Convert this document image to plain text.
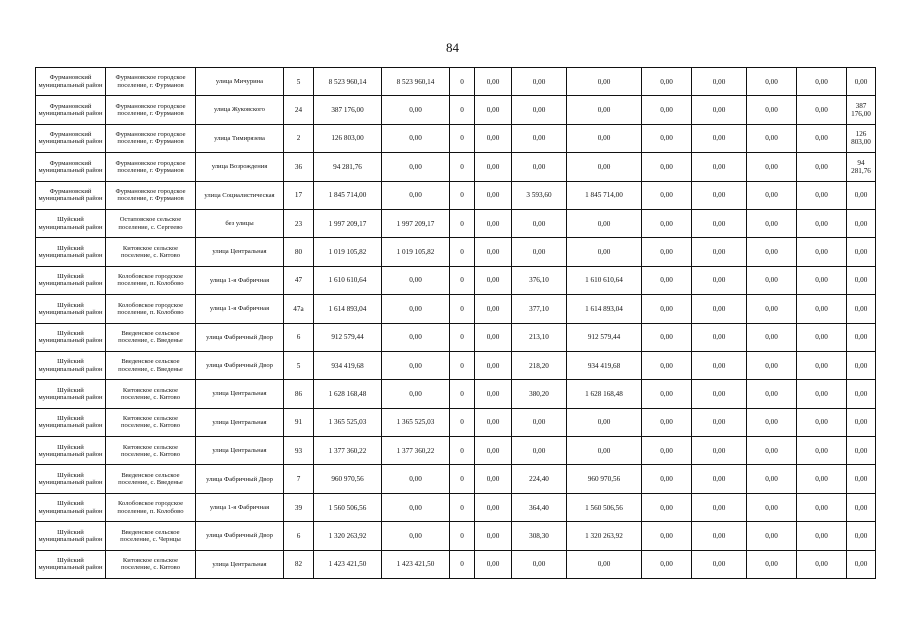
84
Фурмановский муниципальный район	Фурмановское городское поселение, г. Фурманов	улица Мичурина	5	8 523 960,14	8 523 960,14	0	0,00	0,00	0,00	0,00	0,00	0,00	0,00	0,00
Фурмановский муниципальный район	Фурмановское городское поселение, г. Фурманов	улица Жуковского	24	387 176,00	0,00	0	0,00	0,00	0,00	0,00	0,00	0,00	0,00	387 176,00
Фурмановский муниципальный район	Фурмановское городское поселение, г. Фурманов	улица Тимирязева	2	126 803,00	0,00	0	0,00	0,00	0,00	0,00	0,00	0,00	0,00	126 803,00
Фурмановский муниципальный район	Фурмановское городское поселение, г. Фурманов	улица Возрождения	36	94 281,76	0,00	0	0,00	0,00	0,00	0,00	0,00	0,00	0,00	94 281,76
Фурмановский муниципальный район	Фурмановское городское поселение, г. Фурманов	улица Социалистическая	17	1 845 714,00	0,00	0	0,00	3 593,60	1 845 714,00	0,00	0,00	0,00	0,00	0,00
Шуйский муниципальный район	Остаповское сельское поселение, с. Сергеево	без улицы	23	1 997 209,17	1 997 209,17	0	0,00	0,00	0,00	0,00	0,00	0,00	0,00	0,00
Шуйский муниципальный район	Китовское сельское поселение, с. Китово	улица Центральная	80	1 019 105,82	1 019 105,82	0	0,00	0,00	0,00	0,00	0,00	0,00	0,00	0,00
Шуйский муниципальный район	Колобовское городское поселение, п. Колобово	улица 1-я Фабричная	47	1 610 610,64	0,00	0	0,00	376,10	1 610 610,64	0,00	0,00	0,00	0,00	0,00
Шуйский муниципальный район	Колобовское городское поселение, п. Колобово	улица 1-я Фабричная	47а	1 614 893,04	0,00	0	0,00	377,10	1 614 893,04	0,00	0,00	0,00	0,00	0,00
Шуйский муниципальный район	Введенское сельское поселение, с. Введенье	улица Фабричный Двор	6	912 579,44	0,00	0	0,00	213,10	912 579,44	0,00	0,00	0,00	0,00	0,00
Шуйский муниципальный район	Введенское сельское поселение, с. Введенье	улица Фабричный Двор	5	934 419,68	0,00	0	0,00	218,20	934 419,68	0,00	0,00	0,00	0,00	0,00
Шуйский муниципальный район	Китовское сельское поселение, с. Китово	улица Центральная	86	1 628 168,48	0,00	0	0,00	380,20	1 628 168,48	0,00	0,00	0,00	0,00	0,00
Шуйский муниципальный район	Китовское сельское поселение, с. Китово	улица Центральная	91	1 365 525,03	1 365 525,03	0	0,00	0,00	0,00	0,00	0,00	0,00	0,00	0,00
Шуйский муниципальный район	Китовское сельское поселение, с. Китово	улица Центральная	93	1 377 360,22	1 377 360,22	0	0,00	0,00	0,00	0,00	0,00	0,00	0,00	0,00
Шуйский муниципальный район	Введенское сельское поселение, с. Введенье	улица Фабричный Двор	7	960 970,56	0,00	0	0,00	224,40	960 970,56	0,00	0,00	0,00	0,00	0,00
Шуйский муниципальный район	Колобовское городское поселение, п. Колобово	улица 1-я Фабричная	39	1 560 506,56	0,00	0	0,00	364,40	1 560 506,56	0,00	0,00	0,00	0,00	0,00
Шуйский муниципальный район	Введенское сельское поселение, с. Чернцы	улица Фабричный Двор	6	1 320 263,92	0,00	0	0,00	308,30	1 320 263,92	0,00	0,00	0,00	0,00	0,00
Шуйский муниципальный район	Китовское сельское поселение, с. Китово	улица Центральная	82	1 423 421,50	1 423 421,50	0	0,00	0,00	0,00	0,00	0,00	0,00	0,00	0,00
